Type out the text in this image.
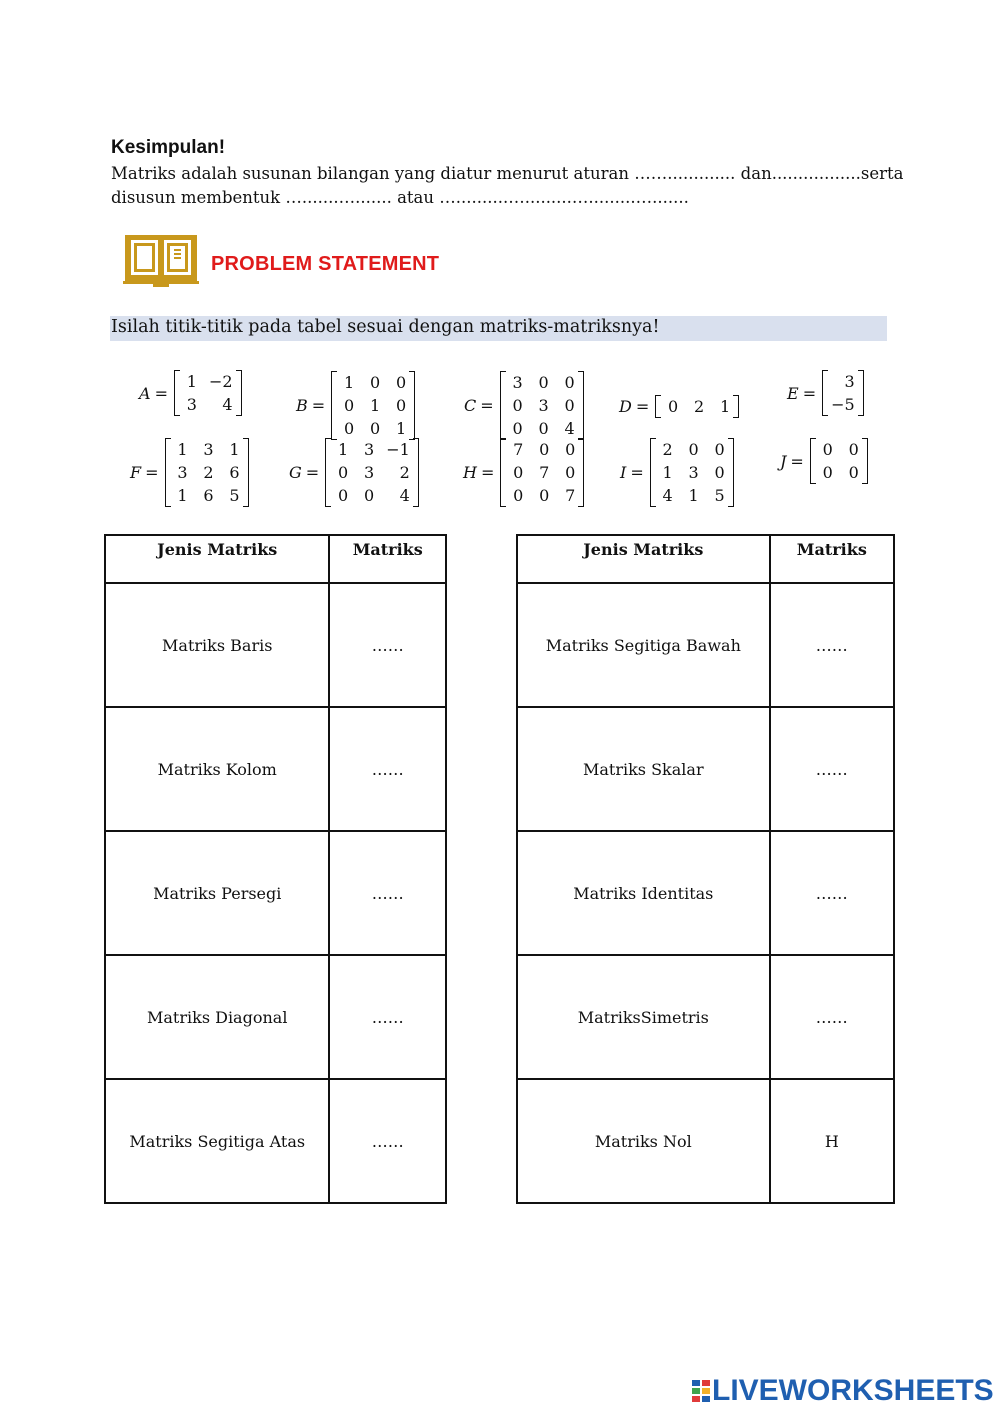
Kesimpulan!
Matriks adalah susunan bilangan yang diatur menurut aturan ……............. dan.................serta
disusun membentuk ….......…....... atau …..........….........….........….......
PROBLEM STATEMENT
Isilah titik-titik pada tabel sesuai dengan matriks-matriksnya!
A =
1 −2
3	4	B =
1 0 0
0 1 0
0 0 1
C =
3 0 0
0 3 0
0 0 4
D =	0 2 1
E =
3
−5
F =
1 3 1
3 2 6
1 6 5
G =
1 3 −1
0 3	2
0 0	4
H =
7 0 0
0 7 0
0 0 7
I =
2 0 0
1 3 0
4 1 5
J =
0 0
0 0
Jenis Matriks	Matriks
Matriks Baris	……
Matriks Kolom	……
Matriks Persegi	……
Matriks Diagonal	……
Matriks Segitiga Atas	……
Jenis Matriks	Matriks
Matriks Segitiga Bawah	……
Matriks Skalar	……
Matriks Identitas	……
MatriksSimetris	……
Matriks Nol	H
LIVEWORKSHEETS
